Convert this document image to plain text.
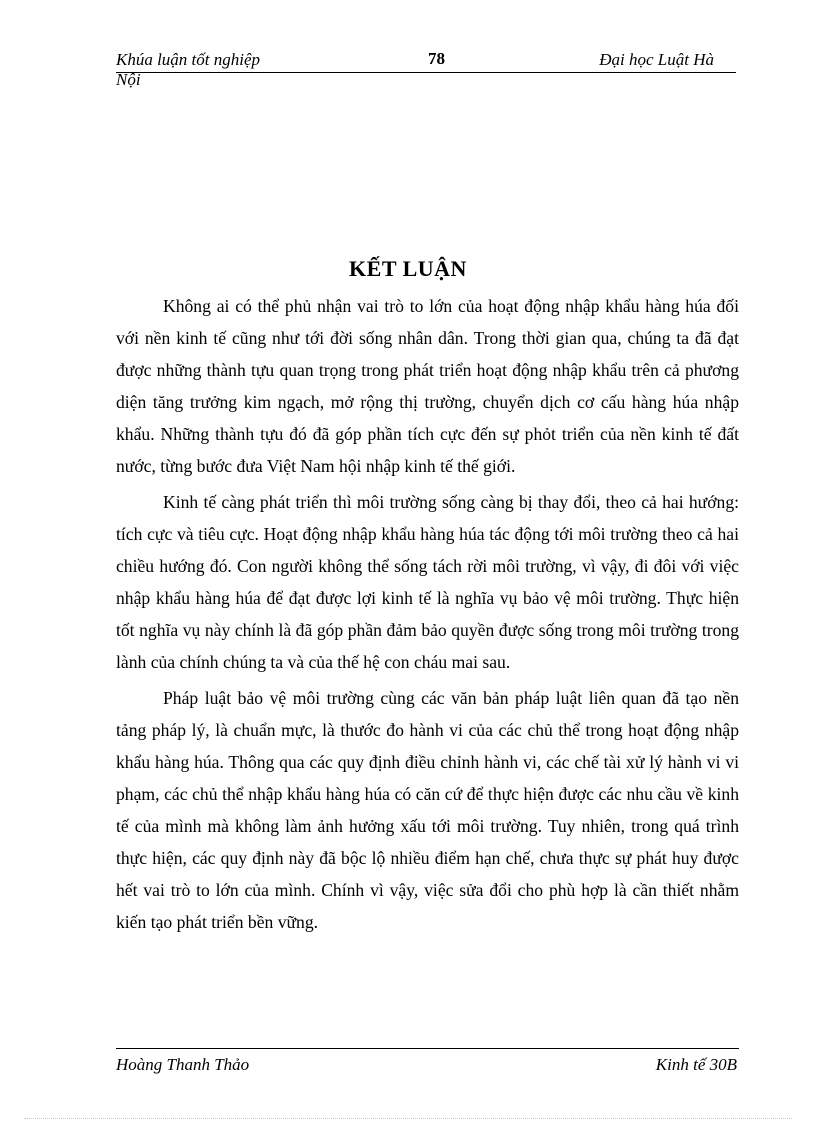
Khúa luận tốt nghiệp	78	Đại học Luật Hà
Nội
KẾT LUẬN

Không ai có thể phủ nhận vai trò to lớn của hoạt động nhập khẩu hàng húa đối với nền kinh tế cũng như tới đời sống nhân dân. Trong thời gian qua, chúng ta đã đạt được những thành tựu quan trọng trong phát triển hoạt động nhập khẩu trên cả phương diện tăng trưởng kim ngạch, mở rộng thị trường, chuyển dịch cơ cấu hàng húa nhập khẩu. Những thành tựu đó đã góp phần tích cực đến sự phỏt triển của nền kinh tế đất nước, từng bước đưa Việt Nam hội nhập kinh tế thế giới.

Kinh tế càng phát triển thì môi trường sống càng bị thay đổi, theo cả hai hướng: tích cực và tiêu cực. Hoạt động nhập khẩu hàng húa tác động tới môi trường theo cả hai chiều hướng đó. Con người không thể sống tách rời môi trường, vì vậy, đi đôi với việc nhập khẩu hàng húa để đạt được lợi kinh tế là nghĩa vụ bảo vệ môi trường. Thực hiện tốt nghĩa vụ này chính là đã góp phần đảm bảo quyền được sống trong môi trường trong lành của chính chúng ta và của thế hệ con cháu mai sau.

Pháp luật bảo vệ môi trường cùng các văn bản pháp luật liên quan đã tạo nền tảng pháp lý, là chuẩn mực, là thước đo hành vi của các chủ thể trong hoạt động nhập khẩu hàng húa. Thông qua các quy định điều chỉnh hành vi, các chế tài xử lý hành vi vi phạm, các chủ thể nhập khẩu hàng húa có căn cứ để thực hiện được các nhu cầu về kinh tế của mình mà không làm ảnh hưởng xấu tới môi trường. Tuy nhiên, trong quá trình thực hiện, các quy định này đã bộc lộ nhiều điểm hạn chế, chưa thực sự phát huy được hết vai trò to lớn của mình. Chính vì vậy, việc sửa đổi cho phù hợp là cần thiết nhằm kiến tạo phát triển bền vững.

Hoàng Thanh Thảo	Kinh tế 30B
